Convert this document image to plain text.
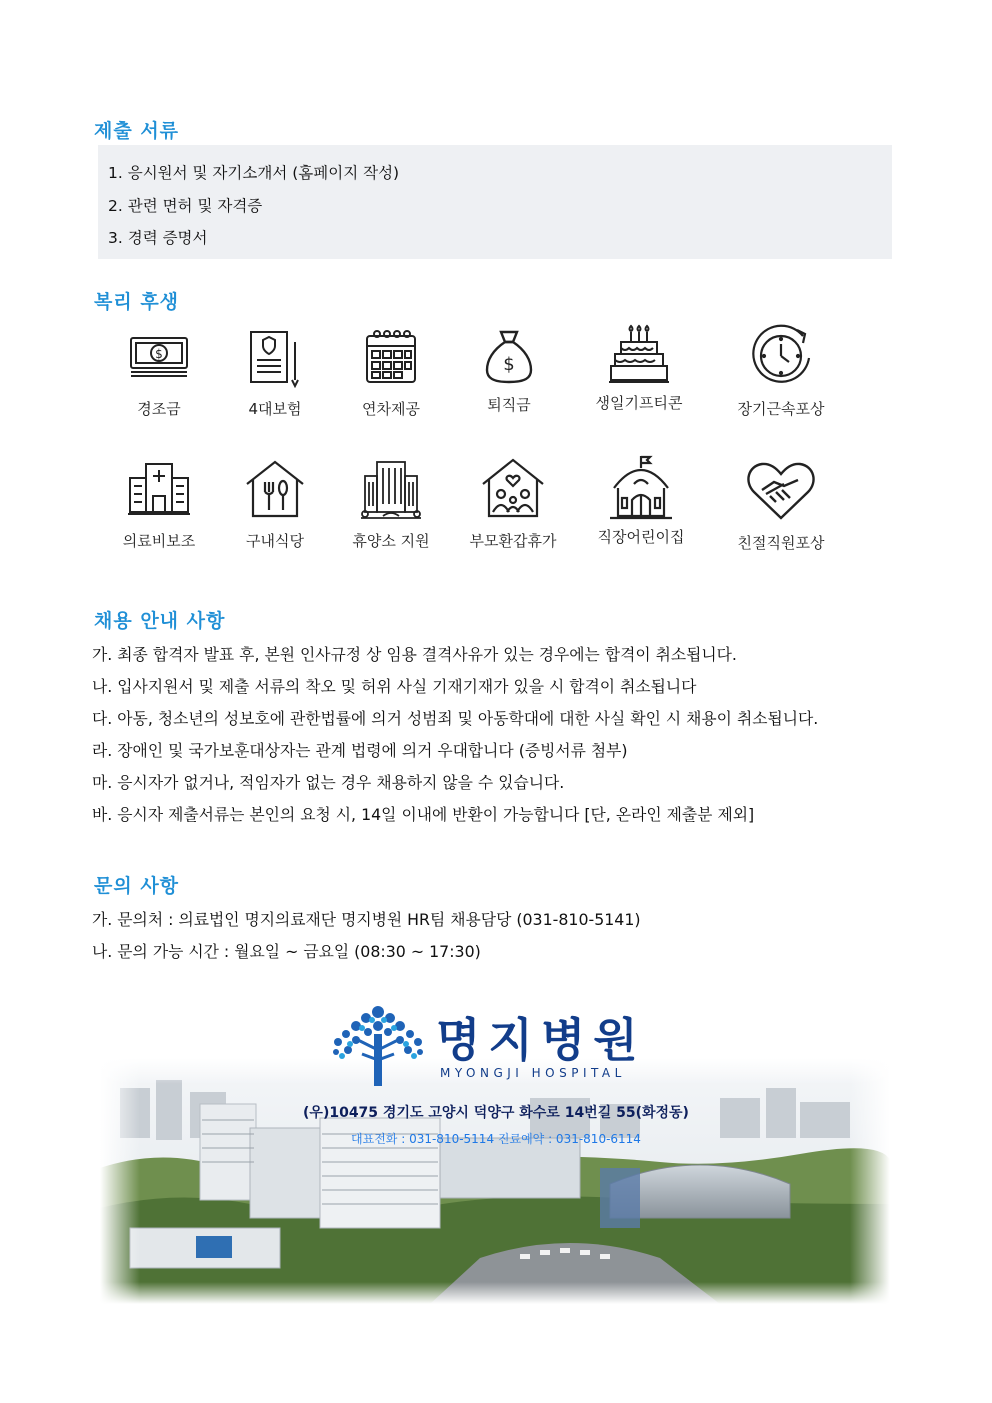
제출 서류
1. 응시원서 및 자기소개서 (홈페이지 작성)
2. 관련 면허 및 자격증
3. 경력 증명서
복리 후생
$
경조금	4대보험	연차제공
$
퇴직금	생일기프티콘	장기근속포상
의료비보조	구내식당	휴양소 지원	부모환갑휴가	직장어린이집	친절직원포상
채용 안내 사항
가. 최종 합격자 발표 후, 본원 인사규정 상 임용 결격사유가 있는 경우에는 합격이 취소됩니다.
나. 입사지원서 및 제출 서류의 착오 및 허위 사실 기재기재가 있을 시 합격이 취소됩니다
다. 아동, 청소년의 성보호에 관한법률에 의거 성범죄 및 아동학대에 대한 사실 확인 시 채용이 취소됩니다.
라. 장애인 및 국가보훈대상자는 관계 법령에 의거 우대합니다 (증빙서류 첨부)
마. 응시자가 없거나, 적임자가 없는 경우 채용하지 않을 수 있습니다.
바. 응시자 제출서류는 본인의 요청 시, 14일 이내에 반환이 가능합니다 [단, 온라인 제출분 제외]
문의 사항
가. 문의처 : 의료법인 명지의료재단 명지병원 HR팀 채용담당 (031-810-5141)
나. 문의 가능 시간 : 월요일 ~ 금요일 (08:30 ~ 17:30)
명지병원
MYONGJI HOSPITAL
(우)10475 경기도 고양시 덕양구 화수로 14번길 55(화정동)
대표전화 : 031-810-5114 진료예약 : 031-810-6114
